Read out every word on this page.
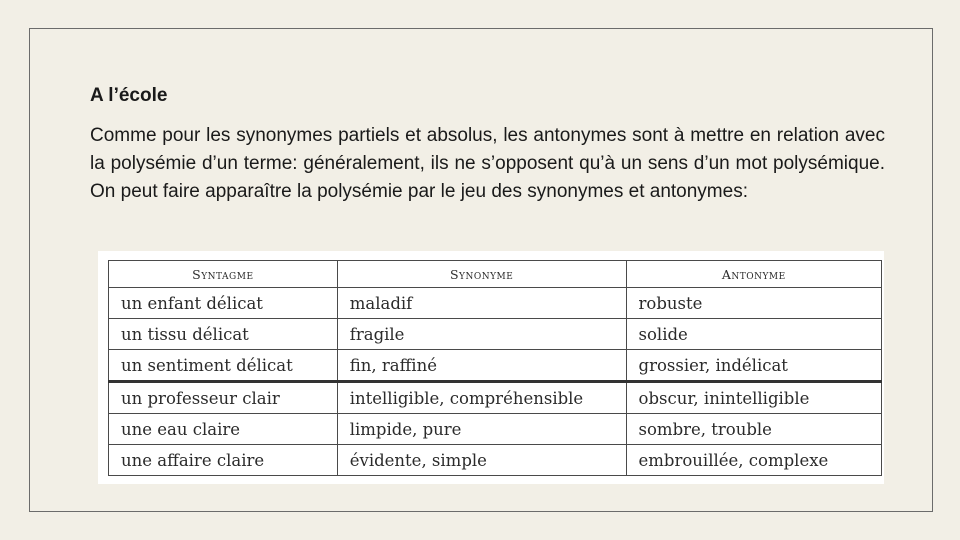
A l’école

Comme pour les synonymes partiels et absolus, les antonymes sont à mettre en relation avec la polysémie d’un terme: généralement, ils ne s’opposent qu’à un sens d’un mot polysémique. On peut faire apparaître la polysémie par le jeu des synonymes et antonymes:

Syntagme	Synonyme	Antonyme
un enfant délicat	maladif	robuste
un tissu délicat	fragile	solide
un sentiment délicat	fin, raffiné	grossier, indélicat
un professeur clair	intelligible, compréhensible	obscur, inintelligible
une eau claire	limpide, pure	sombre, trouble
une affaire claire	évidente, simple	embrouillée, complexe
